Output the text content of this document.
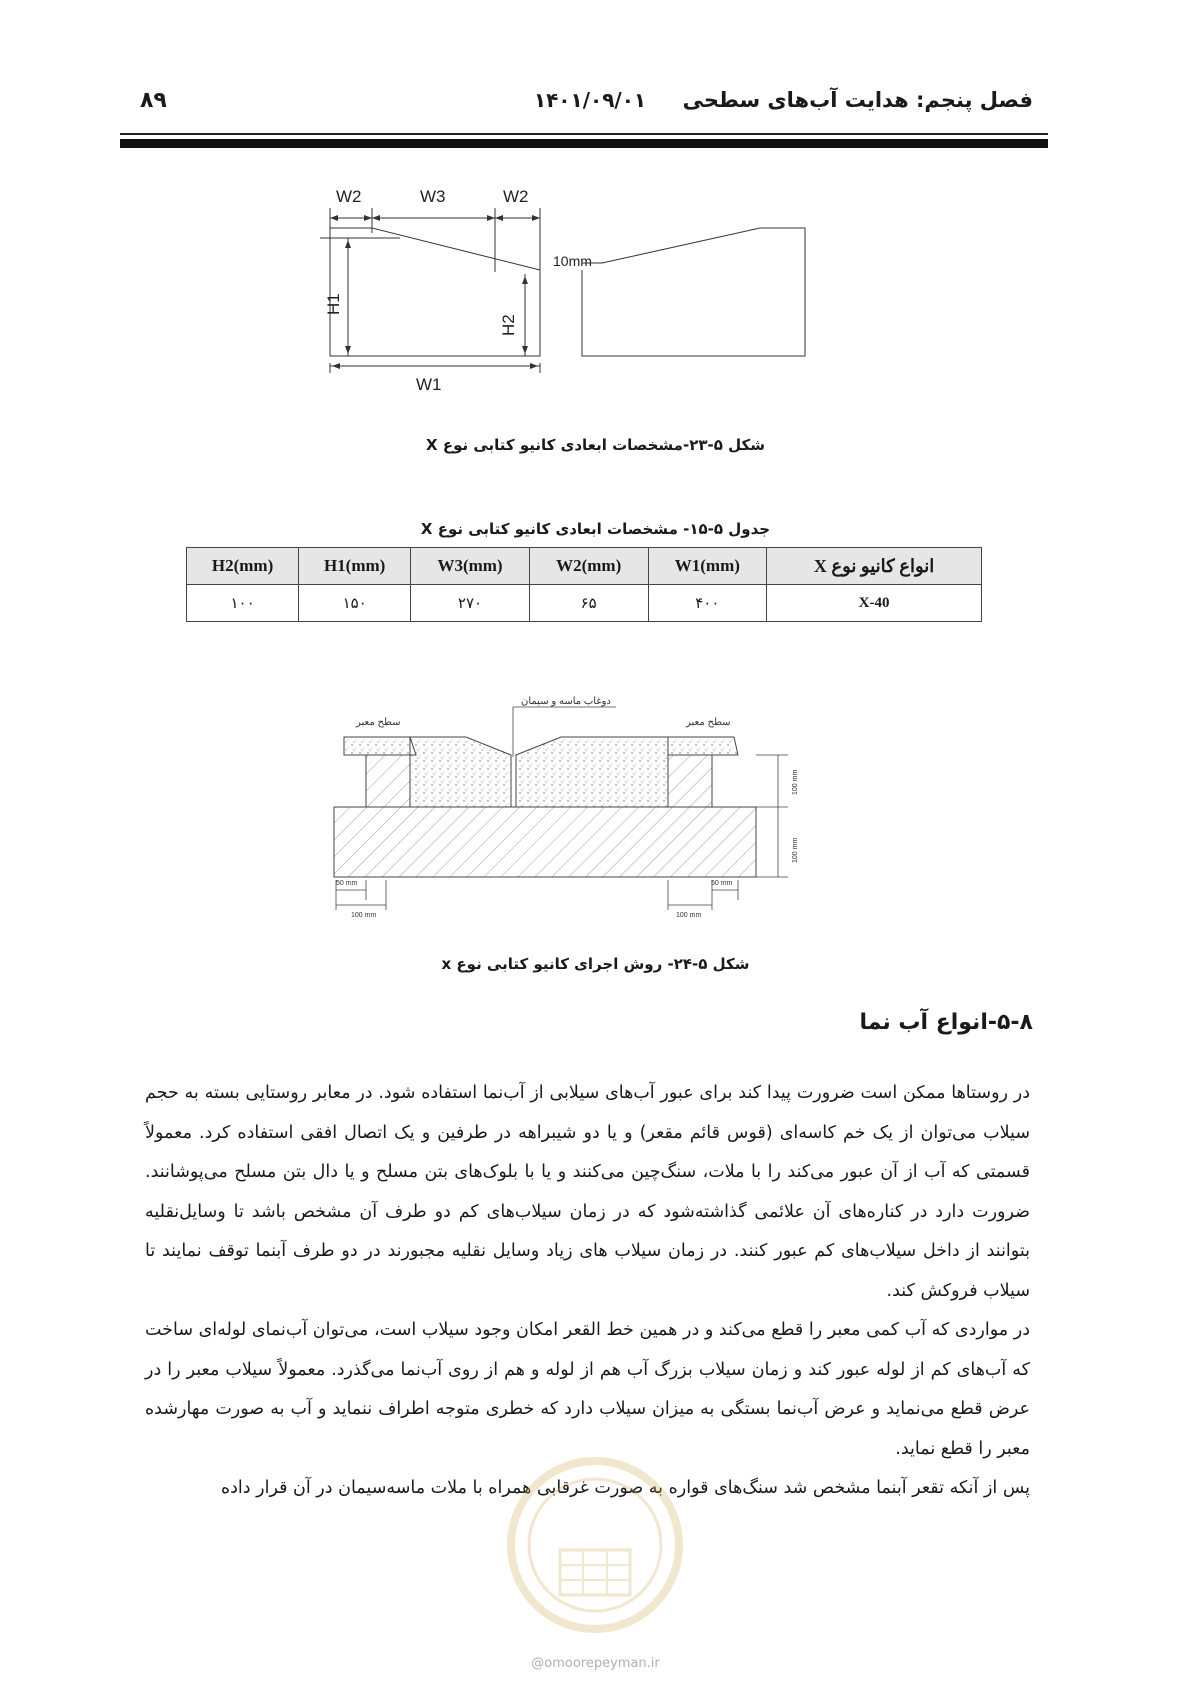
۸۹	۱۴۰۱/۰۹/۰۱ فصل پنجم: هدایت آب‌های سطحی
W2	W3	W2
10mm
W1
H1
H2
شکل ۵-۲۳-مشخصات ابعادی کانیو کتابی نوع X
جدول ۵-۱۵- مشخصات ابعادی کانیو کتابی نوع X
انواع کانیو نوع X	W1(mm)	W2(mm)	W3(mm)	H1(mm)	H2(mm)
X-40	۴۰۰	۶۵	۲۷۰	۱۵۰	۱۰۰
سطح معبر	سطح معبر
دوغاب ماسه و سیمان
100 mm
100 mm
50 mm
100 mm
50 mm
100 mm
شکل ۵-۲۴- روش اجرای کانیو کتابی نوع x
۵-۸-انواع آب نما

در روستاها ممکن است ضرورت پیدا کند برای عبور آب‌های سیلابی از آب‌نما استفاده شود. در معابر روستایی بسته به حجم سیلاب می‌توان از یک خم کاسه‌ای (قوس قائم مقعر) و یا دو شیبراهه در طرفین و یک اتصال افقی استفاده کرد. معمولاً قسمتی که آب از آن عبور می‌کند را با ملات، سنگ‌چین می‌کنند و یا با بلوک‌های بتن مسلح و یا دال بتن مسلح می‌پوشانند. ضرورت دارد در کناره‌های آن علائمی گذاشته‌شود که در زمان سیلاب‌های کم دو طرف آن مشخص باشد تا وسایل‌نقلیه بتوانند از داخل سیلاب‌های کم عبور کنند. در زمان سیلاب های زیاد وسایل نقلیه مجبورند در دو طرف آبنما توقف نمایند تا سیلاب فروکش کند.

در مواردی که آب کمی معبر را قطع می‌کند و در همین خط القعر امکان وجود سیلاب است، می‌توان آب‌نمای لوله‌ای ساخت که آب‌های کم از لوله عبور کند و زمان سیلاب بزرگ آب هم از لوله و هم از روی آب‌نما می‌گذرد. معمولاً سیلاب معبر را در عرض قطع می‌نماید و عرض آب‌نما بستگی به میزان سیلاب دارد که خطری متوجه اطراف ننماید و آب به صورت مهارشده معبر را قطع نماید.

پس از آنکه تقعر آبنما مشخص شد سنگ‌های قواره به صورت غرقابی همراه با ملات ماسه‌سیمان در آن قرار داده

@omoorepeyman.ir
